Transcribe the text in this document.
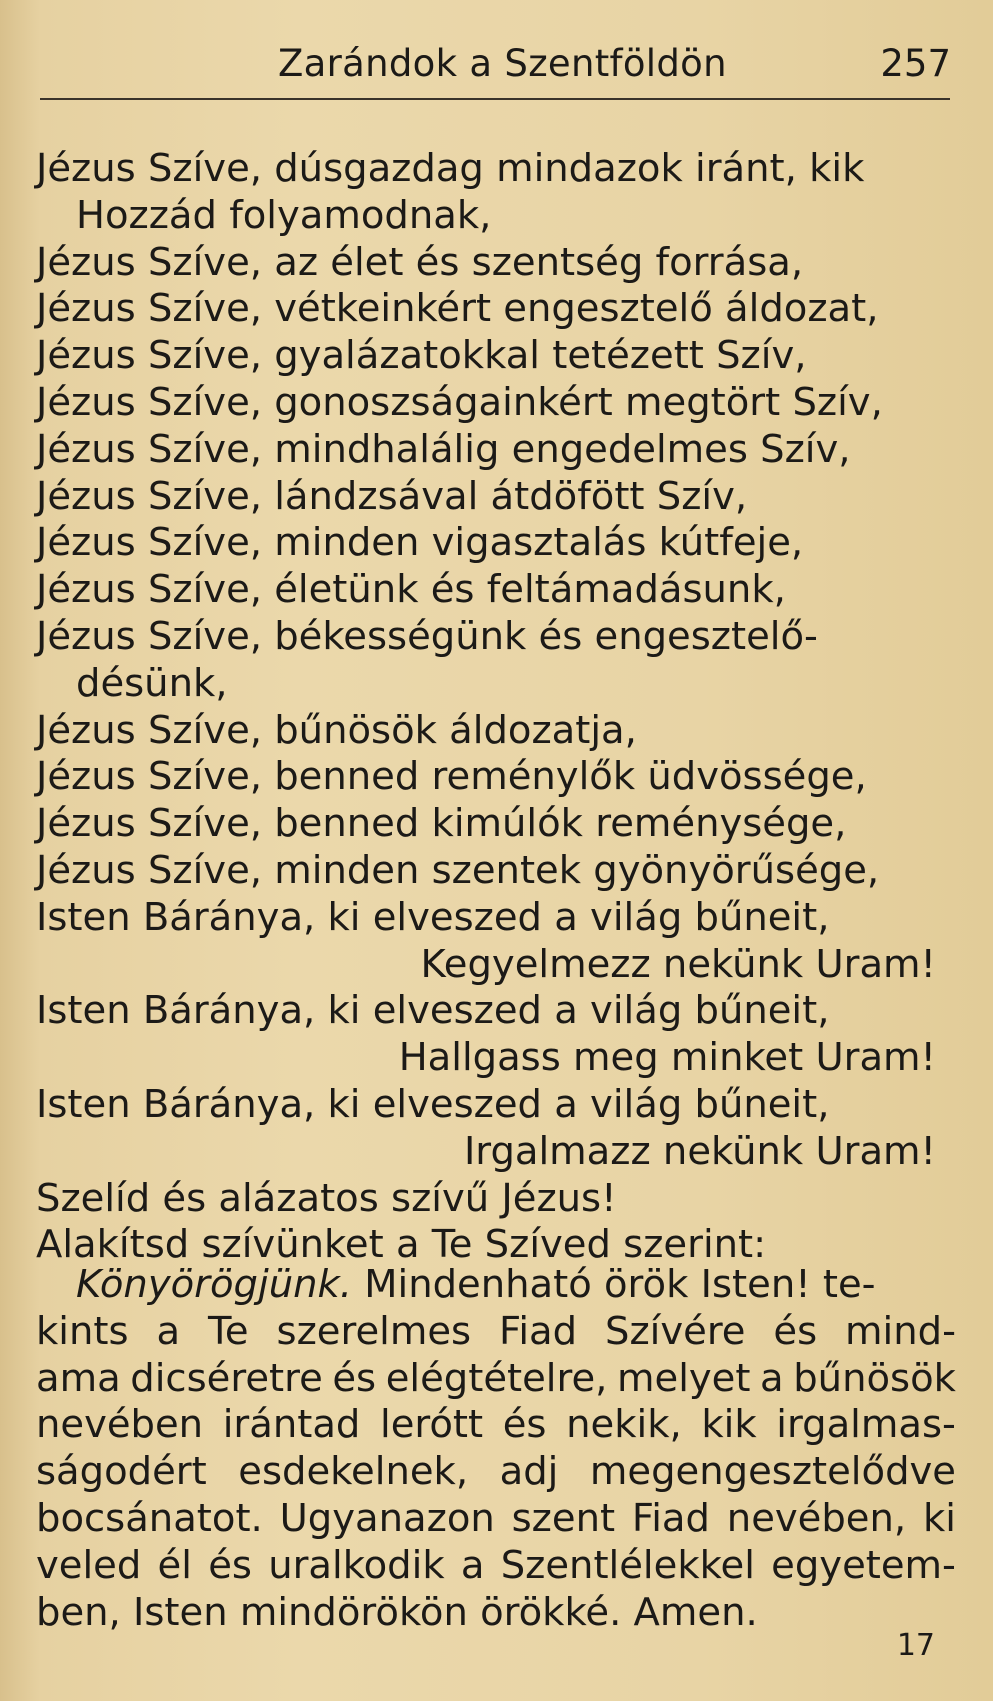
Zarándok a Szentföldön	257
Jézus Szíve, dúsgazdag mindazok iránt, kik
Hozzád folyamodnak,
Jézus Szíve, az élet és szentség forrása,
Jézus Szíve, vétkeinkért engesztelő áldozat,
Jézus Szíve, gyalázatokkal tetézett Szív,
Jézus Szíve, gonoszságainkért megtört Szív,
Jézus Szíve, mindhalálig engedelmes Szív,
Jézus Szíve, lándzsával átdöfött Szív,
Jézus Szíve, minden vigasztalás kútfeje,
Jézus Szíve, életünk és feltámadásunk,
Jézus Szíve, békességünk és engesztelő-
désünk,
Jézus Szíve, bűnösök áldozatja,
Jézus Szíve, benned reménylők üdvössége,
Jézus Szíve, benned kimúlók reménysége,
Jézus Szíve, minden szentek gyönyörűsége,
Isten Báránya, ki elveszed a világ bűneit,
Kegyelmezz nekünk Uram!
Isten Báránya, ki elveszed a világ bűneit,
Hallgass meg minket Uram!
Isten Báránya, ki elveszed a világ bűneit,
Irgalmazz nekünk Uram!
Szelíd és alázatos szívű Jézus!
Alakítsd szívünket a Te Szíved szerint:
Könyörögjünk.
Mindenható örök Isten! te-
kints a Te szerelmes Fiad Szívére és mind-
ama dicséretre és elégtételre, melyet a bűnösök
nevében irántad lerótt és nekik, kik irgalmas-
ságodért esdekelnek, adj megengesztelődve
bocsánatot. Ugyanazon szent Fiad nevében, ki
veled él és uralkodik a Szentlélekkel egyetem-
ben, Isten mindörökön örökké. Amen.
17
